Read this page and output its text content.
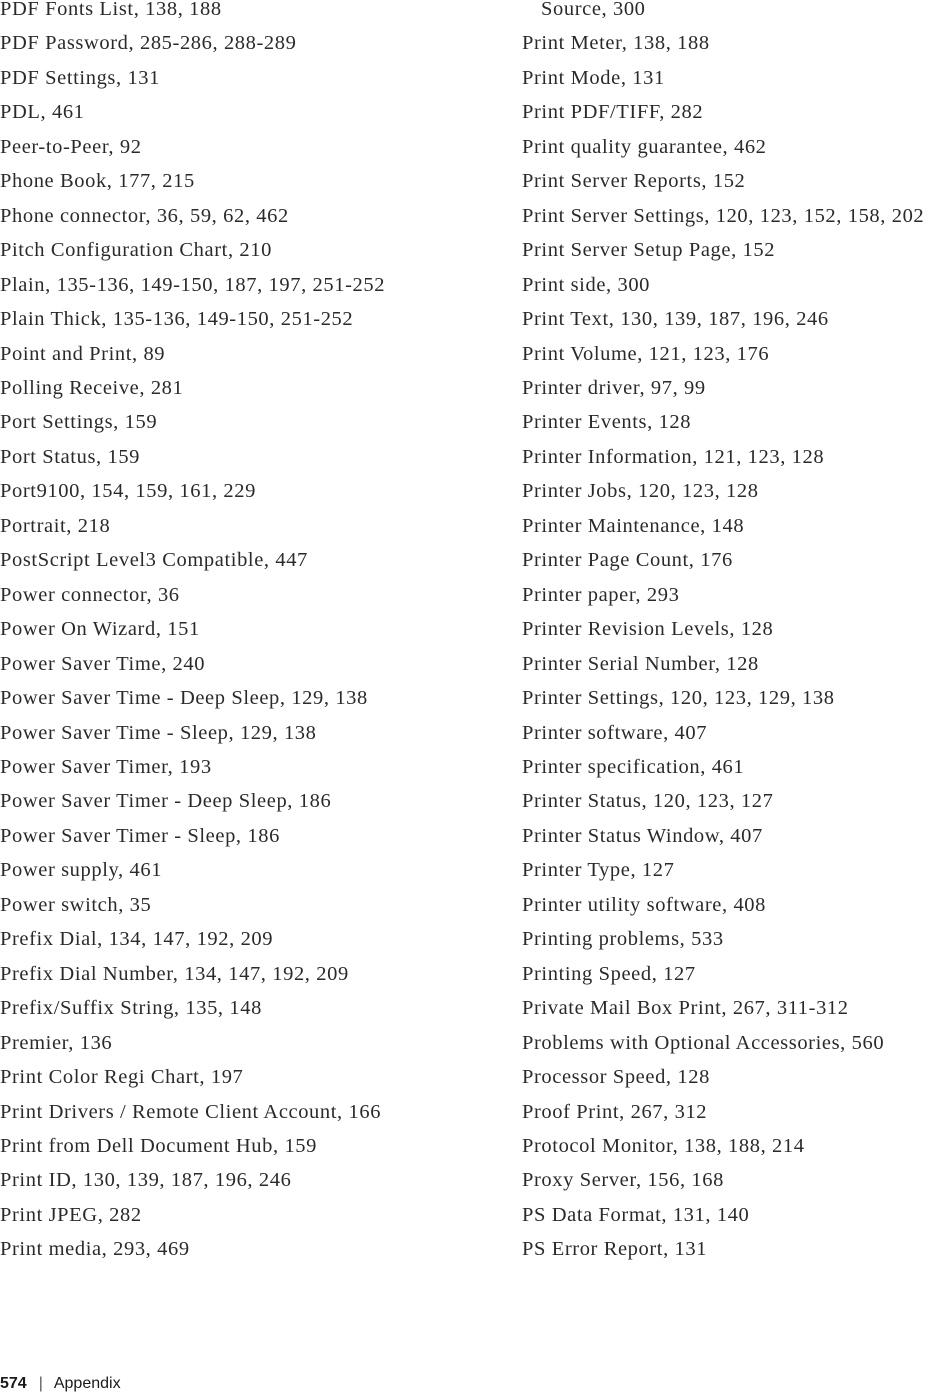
PDF Fonts List, 138, 188
PDF Password, 285-286, 288-289
PDF Settings, 131
PDL, 461
Peer-to-Peer, 92
Phone Book, 177, 215
Phone connector, 36, 59, 62, 462
Pitch Configuration Chart, 210
Plain, 135-136, 149-150, 187, 197, 251-252
Plain Thick, 135-136, 149-150, 251-252
Point and Print, 89
Polling Receive, 281
Port Settings, 159
Port Status, 159
Port9100, 154, 159, 161, 229
Portrait, 218
PostScript Level3 Compatible, 447
Power connector, 36
Power On Wizard, 151
Power Saver Time, 240
Power Saver Time - Deep Sleep, 129, 138
Power Saver Time - Sleep, 129, 138
Power Saver Timer, 193
Power Saver Timer - Deep Sleep, 186
Power Saver Timer - Sleep, 186
Power supply, 461
Power switch, 35
Prefix Dial, 134, 147, 192, 209
Prefix Dial Number, 134, 147, 192, 209
Prefix/Suffix String, 135, 148
Premier, 136
Print Color Regi Chart, 197
Print Drivers / Remote Client Account, 166
Print from Dell Document Hub, 159
Print ID, 130, 139, 187, 196, 246
Print JPEG, 282
Print media, 293, 469
Source, 300
Print Meter, 138, 188
Print Mode, 131
Print PDF/TIFF, 282
Print quality guarantee, 462
Print Server Reports, 152
Print Server Settings, 120, 123, 152, 158, 202
Print Server Setup Page, 152
Print side, 300
Print Text, 130, 139, 187, 196, 246
Print Volume, 121, 123, 176
Printer driver, 97, 99
Printer Events, 128
Printer Information, 121, 123, 128
Printer Jobs, 120, 123, 128
Printer Maintenance, 148
Printer Page Count, 176
Printer paper, 293
Printer Revision Levels, 128
Printer Serial Number, 128
Printer Settings, 120, 123, 129, 138
Printer software, 407
Printer specification, 461
Printer Status, 120, 123, 127
Printer Status Window, 407
Printer Type, 127
Printer utility software, 408
Printing problems, 533
Printing Speed, 127
Private Mail Box Print, 267, 311-312
Problems with Optional Accessories, 560
Processor Speed, 128
Proof Print, 267, 312
Protocol Monitor, 138, 188, 214
Proxy Server, 156, 168
PS Data Format, 131, 140
PS Error Report, 131
574 | Appendix
